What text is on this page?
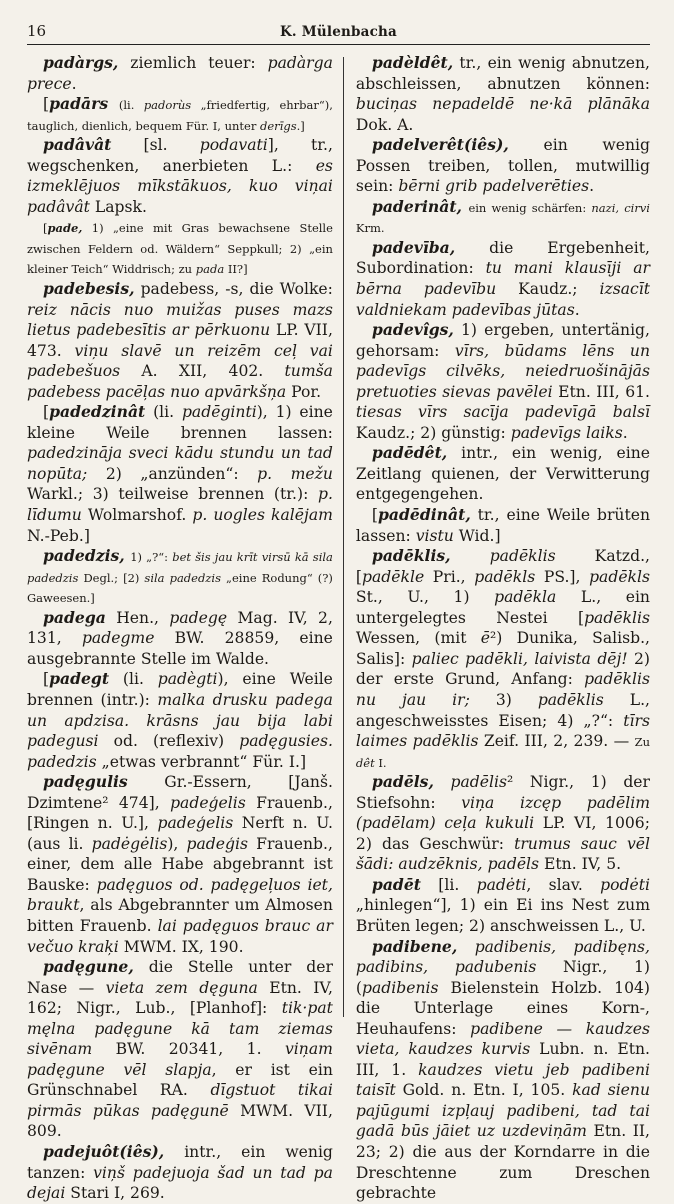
16	K. Mülenbacha

padàrgs, ziemlich teuer: padàrga prece.

[padārs (li. padorùs „friedfertig, ehrbar“), tauglich, dienlich, bequem Für. I, unter derīgs.]

padâvât [sl. podavati], tr., wegschenken, anerbieten L.: es izmeklējuos mīkstākuos, kuo viņai padâvât Lapsk.

[pade, 1) „eine mit Gras bewachsene Stelle zwischen Feldern od. Wäldern“ Seppkull; 2) „ein kleiner Teich“ Widdrisch; zu pada II?]

padebesis, padebess, -s, die Wolke: reiz nācis nuo muižas puses mazs lietus padebesītis ar pērkuonu LP. VII, 473. viņu slavē un reizēm ceļ vai padebešuos A. XII, 402. tumša padebess pacēļas nuo apvārkšņa Por.

[padedzinât (li. padēginti), 1) eine kleine Weile brennen lassen: padedzināja sveci kādu stundu un tad nopūta; 2) „anzünden“: p. mežu Warkl.; 3) teilweise brennen (tr.): p. līdumu Wolmarshof. p. uogles kalējam N.-Peb.]

padedzis, 1) „?“: bet šis jau krīt virsū kā sila padedzis Degl.; [2) sila padedzis „eine Rodung“ (?) Gaweesen.]

padega Hen., padegę Mag. IV, 2, 131, padegme BW. 28859, eine ausgebrannte Stelle im Walde.

[padegt (li. padègti), eine Weile brennen (intr.): malka drusku padega un apdzisa. krāsns jau bija labi padegusi od. (reflexiv) padęgusies. padedzis „etwas verbrannt“ Für. I.]

padęgulis Gr.-Essern, [Janš. Dzimtene² 474], padeģelis Frauenb., [Ringen n. U.], padeģelis Nerft n. U. (aus li. padėgėlis), padeģis Frauenb., einer, dem alle Habe abgebrannt ist Bauske: padęguos od. padęgeļuos iet, braukt, als Abgebrannter um Almosen bitten Frauenb. lai padęguos brauc ar večuo kraķi MWM. IX, 190.

padęgune, die Stelle unter der Nase — vieta zem dęguna Etn. IV, 162; Nigr., Lub., [Planhof]: tik·pat męlna padęgune kā tam ziemas sivēnam BW. 20341, 1. viņam padęgune vēl slapja, er ist ein Grünschnabel RA. dīgstuot tikai pirmās pūkas padęgunē MWM. VII, 809.

padejuôt(iês), intr., ein wenig tanzen: viņš padejuoja šad un tad pa dejai Stari I, 269.

padèldêt, tr., ein wenig abnutzen, abschleissen, abnutzen können: buciņas nepadeldē ne·kā plānāka Dok. A.

padelverêt(iês), ein wenig Possen treiben, tollen, mutwillig sein: bērni grib padelverēties.

paderinât, ein wenig schärfen: nazi, cirvi Krm.

padevība, die Ergebenheit, Subordination: tu mani klausīji ar bērna padevību Kaudz.; izsacīt valdniekam padevības jūtas.

padevîgs, 1) ergeben, untertänig, gehorsam: vīrs, būdams lēns un padevīgs cilvēks, neiedruošinājās pretuoties sievas pavēlei Etn. III, 61. tiesas vīrs sacīja padevīgā balsī Kaudz.; 2) günstig: padevīgs laiks.

padēdêt, intr., ein wenig, eine Zeitlang quienen, der Verwitterung entgegengehen.

[padēdinât, tr., eine Weile brüten lassen: vistu Wid.]

padēklis,	padēklis Katzd., [padēkle Pri., padēkls PS.], padēkls St., U., 1) padēkla L., ein untergelegtes Nestei [padēklis Wessen, (mit ē²) Dunika, Salisb., Salis]: paliec padēkli, laivista dēj! 2) der erste Grund, Anfang: padēklis nu jau ir; 3) padēklis L., angeschweisstes Eisen; 4) „?“: tīrs laimes padēklis Zeif. III, 2, 239. — Zu dêt I.

padēls, padēlis² Nigr., 1) der Stiefsohn: viņa izcęp padēlim (padēlam) ceļa kukuli LP. VI, 1006; 2) das Geschwür: trumus sauc vēl šādi: audzēknis, padēls Etn. IV, 5.

padēt [li. padėti, slav. podėti „hinlegen“], 1) ein Ei ins Nest zum Brüten legen; 2) anschweissen L., U.

padibene, padibenis, padibęns, padibins, padubenis Nigr., 1) (padibenis Bielenstein Holzb. 104) die Unterlage eines Korn-, Heuhaufens: padibene — kaudzes vieta, kaudzes kurvis Lubn. n. Etn. III, 1. kaudzes vietu jeb padibeni taisīt Gold. n. Etn. I, 105. kad sienu pajūgumi izpļauj padibeni, tad tai gadā būs jāiet uz uzdeviņām Etn. II, 23; 2) die aus der Korndarre in die Dreschtenne zum Dreschen gebrachte
